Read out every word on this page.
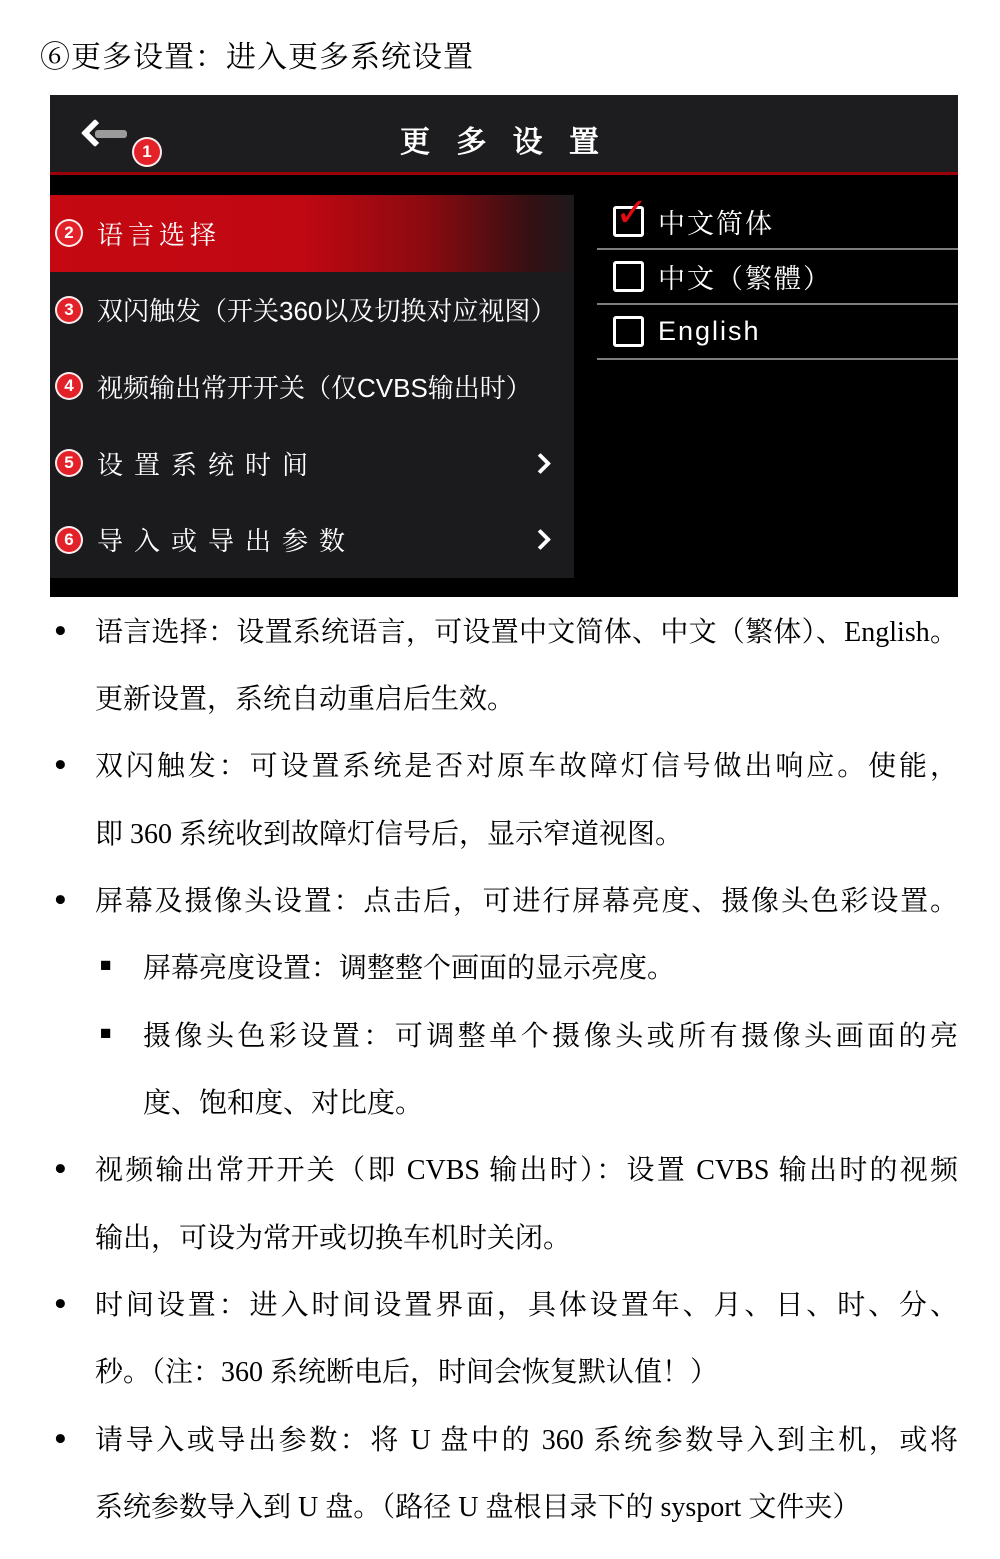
⑥更多设置：进入更多系统设置
更 多 设 置
1
2 语言选择
3 双闪触发（开关360以及切换对应视图）
4 视频输出常开开关（仅CVBS输出时）
5 设置系统时间
6 导入或导出参数
✓ 中文简体
中文（繁體）
English
● 语言选择：设置系统语言，可设置中文简体、中文（繁体）、English。
更新设置，系统自动重启后生效。
● 双闪触发：可设置系统是否对原车故障灯信号做出响应。使能，
即 360 系统收到故障灯信号后，显示窄道视图。
● 屏幕及摄像头设置：点击后，可进行屏幕亮度、摄像头色彩设置。
■ 屏幕亮度设置：调整整个画面的显示亮度。
■ 摄像头色彩设置：可调整单个摄像头或所有摄像头画面的亮
度、饱和度、对比度。
● 视频输出常开开关（即 CVBS 输出时）：设置 CVBS 输出时的视频
输出，可设为常开或切换车机时关闭。
● 时间设置：进入时间设置界面，具体设置年、月、日、时、分、
秒。（注：360 系统断电后，时间会恢复默认值！）
● 请导入或导出参数：将 U 盘中的 360 系统参数导入到主机，或将
系统参数导入到 U 盘。（路径 U 盘根目录下的 sysport 文件夹）
